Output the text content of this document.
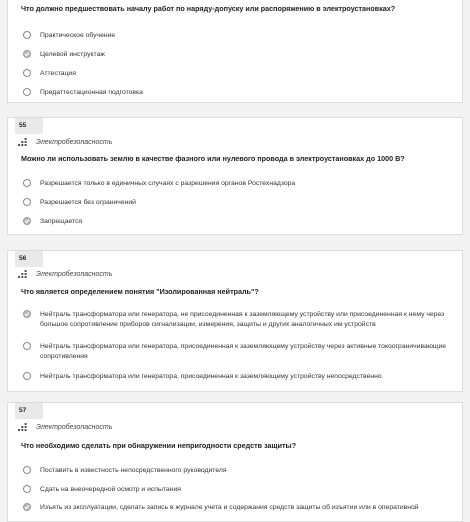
Что должно предшествовать началу работ по наряду-допуску или распоряжению в электроустановках?
Практическое обучение
Целевой инструктаж
Аттестация
Предаттестационная подготовка
55
Электробезопасность
Можно ли использовать землю в качестве фазного или нулевого провода в электроустановках до 1000 В?
Разрешается только в единичных случаях с разрешения органов Ростехнадзора
Разрешается без ограничений
Запрещается
56
Электробезопасность
Что является определением понятия "Изолированная нейтраль"?
Нейтраль трансформатора или генератора, не присоединенная к заземляющему устройству или присоединенная к нему через большое сопротивление приборов сигнализации, измерения, защиты и других аналогичных им устройств
Нейтраль трансформатора или генератора, присоединенная к заземляющему устройству через активные токоограничивающие сопротивления
Нейтраль трансформатора или генератора, присоединенная к заземляющему устройству непосредственно
57
Электробезопасность
Что необходимо сделать при обнаружении непригодности средств защиты?
Поставить в известность непосредственного руководителя
Сдать на внеочередной осмотр и испытания
Изъять из эксплуатации, сделать запись в журнале учета и содержания средств защиты об изъятии или в оперативной
